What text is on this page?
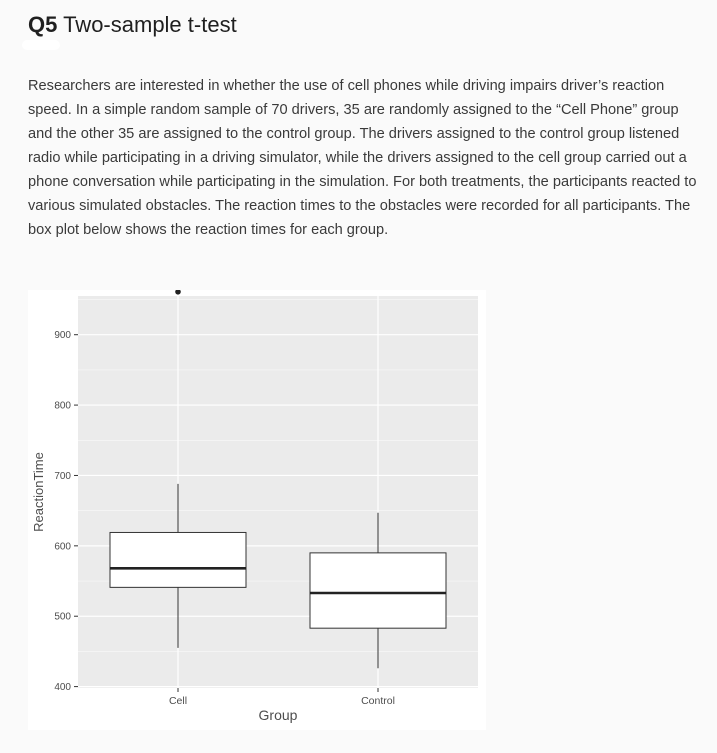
Q5 Two-sample t-test

Researchers are interested in whether the use of cell phones while driving impairs driver’s reaction speed. In a simple random sample of 70 drivers, 35 are randomly assigned to the “Cell Phone” group and the other 35 are assigned to the control group. The drivers assigned to the control group listened radio while participating in a driving simulator, while the drivers assigned to the cell group carried out a phone conversation while participating in the simulation. For both treatments, the participants reacted to various simulated obstacles. The reaction times to the obstacles were recorded for all participants. The box plot below shows the reaction times for each group.

400
500
600
700
800
900
Cell	Control
Group
ReactionTime
